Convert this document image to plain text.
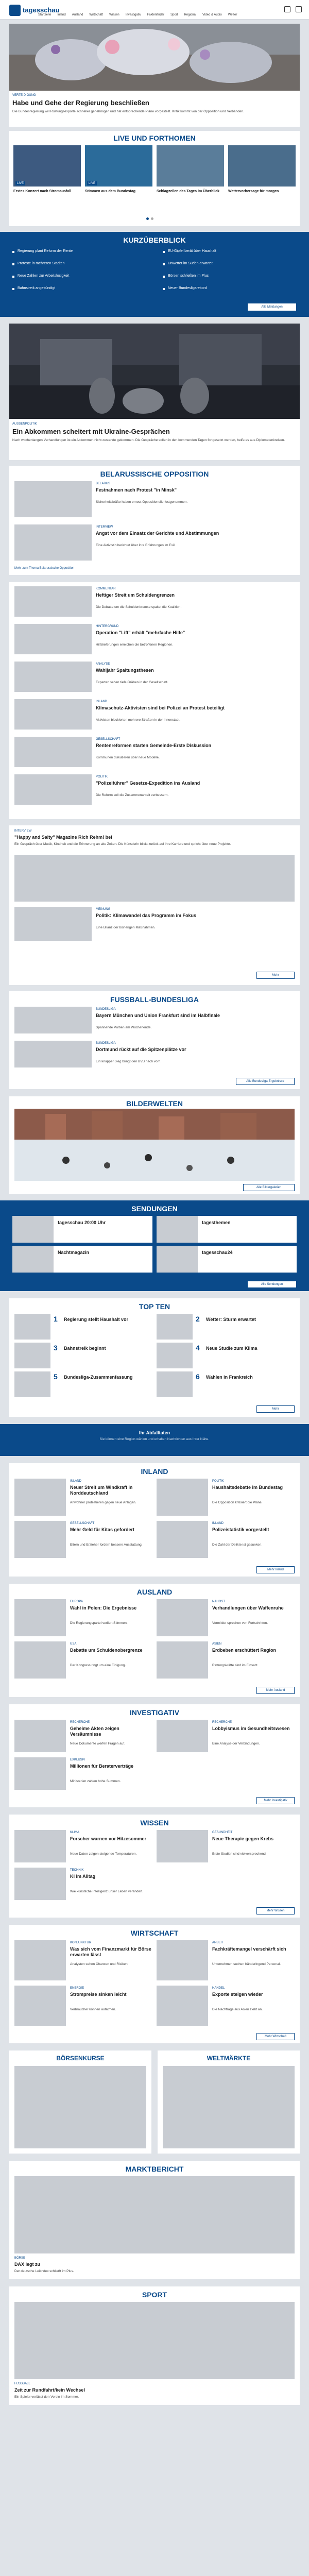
tagesschau
Startseite Inland Ausland Wirtschaft Wissen Investigativ Faktenfinder Sport Regional Video & Audio Wetter
VERTEIDIGUNG
Habe und Gehe der Regierung beschließen
Die Bundesregierung will Rüstungsexporte schneller genehmigen und hat entsprechende Pläne vorgestellt. Kritik kommt von der Opposition und Verbänden.
LIVE UND FORTHOMEN
LIVE
Erstes Konzert nach Stromausfall
LIVE
Stimmen aus dem Bundestag	Schlagzeilen des Tages im Überblick	Wettervorhersage für morgen
KURZÜBERBLICK
Regierung plant Reform der Rente
Proteste in mehreren Städten
Neue Zahlen zur Arbeitslosigkeit
Bahnstreik angekündigt
EU-Gipfel berät über Haushalt
Unwetter im Süden erwartet
Börsen schließen im Plus
Neuer Bundesligarekord
Alle Meldungen
AUSSENPOLITIK
Ein Abkommen scheitert mit Ukraine-Gesprächen
Nach wochenlangen Verhandlungen ist ein Abkommen nicht zustande gekommen. Die Gespräche sollen in den kommenden Tagen fortgesetzt werden, heißt es aus Diplomatenkreisen.
BELARUSSISCHE OPPOSITION
BELARUS
Festnahmen nach Protest "in Minsk"
Sicherheitskräfte haben erneut Oppositionelle festgenommen.
INTERVIEW
Angst vor dem Einsatz der Gerichte und Abstimmungen
Eine Aktivistin berichtet über ihre Erfahrungen im Exil.
Mehr zum Thema Belarussische Opposition
KOMMENTAR
Heftiger Streit um Schuldengrenzen
Die Debatte um die Schuldenbremse spaltet die Koalition.
HINTERGRUND
Operation "Lift" erhält "mehrfache Hilfe"
Hilfslieferungen erreichen die betroffenen Regionen.
ANALYSE
Wahljahr Spaltungsthesen
Experten sehen tiefe Gräben in der Gesellschaft.
INLAND
Klimaschutz-Aktivisten sind bei Polizei an Protest beteiligt
Aktivisten blockierten mehrere Straßen in der Innenstadt.
GESELLSCHAFT
Rentenreformen starten Gemeinde-Erste Diskussion
Kommunen diskutieren über neue Modelle.
POLITIK
"Polizeiführer" Gesetze-Expedition ins Ausland
Die Reform soll die Zusammenarbeit verbessern.
INTERVIEW
"Happy and Salty" Magazine Rich Rehm! bei
Ein Gespräch über Musik, Kindheit und die Erinnerung an alte Zeiten. Die Künstlerin blickt zurück auf ihre Karriere und spricht über neue Projekte.
MEINUNG
Politik: Klimawandel das Programm im Fokus
Eine Bilanz der bisherigen Maßnahmen.
Mehr
FUSSBALL-BUNDESLIGA
BUNDESLIGA
Bayern München und Union Frankfurt sind im Halbfinale
Spannende Partien am Wochenende.
BUNDESLIGA
Dortmund rückt auf die Spitzenplätze vor
Ein knapper Sieg bringt den BVB nach vorn.
Alle Bundesliga-Ergebnisse
BILDERWELTEN
Alle Bildergalerien
SENDUNGEN
tagesschau 20:00 Uhr	tagesthemen
Nachtmagazin	tagesschau24
Alle Sendungen
TOP TEN
1 Regierung stellt Haushalt vor	2 Wetter: Sturm erwartet
3 Bahnstreik beginnt	4 Neue Studie zum Klima
5 Bundesliga-Zusammenfassung	6 Wahlen in Frankreich
Mehr
Ihr Abfalltaten
Sie können eine Region wählen und erhalten Nachrichten aus Ihrer Nähe.
INLAND
INLAND
Neuer Streit um Windkraft in Norddeutschland
Anwohner protestieren gegen neue Anlagen.
POLITIK
Haushaltsdebatte im Bundestag
Die Opposition kritisiert die Pläne.
GESELLSCHAFT
Mehr Geld für Kitas gefordert
Eltern und Erzieher fordern bessere Ausstattung.
INLAND
Polizeistatistik vorgestellt
Die Zahl der Delikte ist gesunken.
Mehr Inland
AUSLAND
EUROPA
Wahl in Polen: Die Ergebnisse
Die Regierungspartei verliert Stimmen.
NAHOST
Verhandlungen über Waffenruhe
Vermittler sprechen von Fortschritten.
USA
Debatte um Schuldenobergrenze
Der Kongress ringt um eine Einigung.
ASIEN
Erdbeben erschüttert Region
Rettungskräfte sind im Einsatz.
Mehr Ausland
INVESTIGATIV
RECHERCHE
Geheime Akten zeigen Versäumnisse
Neue Dokumente werfen Fragen auf.
RECHERCHE
Lobbyismus im Gesundheitswesen
Eine Analyse der Verbindungen.
EXKLUSIV
Millionen für Beraterverträge
Ministerien zahlen hohe Summen.
Mehr Investigativ
WISSEN
KLIMA
Forscher warnen vor Hitzesommer
Neue Daten zeigen steigende Temperaturen.
GESUNDHEIT
Neue Therapie gegen Krebs
Erste Studien sind vielversprechend.
TECHNIK
KI im Alltag
Wie künstliche Intelligenz unser Leben verändert.
Mehr Wissen
WIRTSCHAFT
KONJUNKTUR
Was sich vom Finanzmarkt für Börse erwarten lässt
Analysten sehen Chancen und Risiken.
ARBEIT
Fachkräftemangel verschärft sich
Unternehmen suchen händeringend Personal.
ENERGIE
Strompreise sinken leicht
Verbraucher können aufatmen.
HANDEL
Exporte steigen wieder
Die Nachfrage aus Asien zieht an.
Mehr Wirtschaft
BÖRSENKURSE	WELTMÄRKTE
MARKTBERICHT
BÖRSE
DAX legt zu
Der deutsche Leitindex schließt im Plus.
SPORT
FUSSBALL
Zeit zur Rundfahrt/kein Wechsel
Ein Spieler verlässt den Verein im Sommer.
